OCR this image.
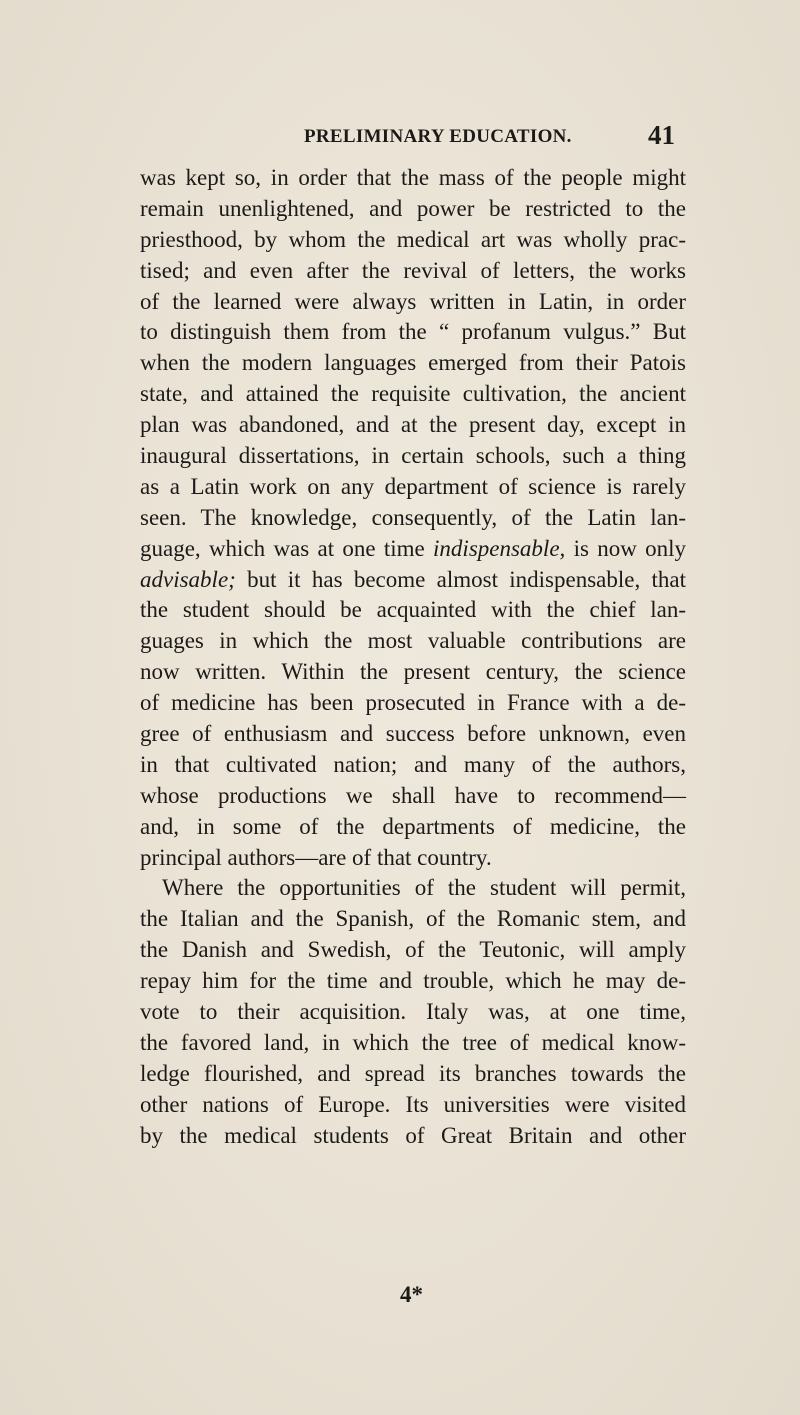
PRELIMINARY EDUCATION.	41
was kept so, in order that the mass of the people might
remain unenlightened, and power be restricted to the
priesthood, by whom the medical art was wholly prac-
tised; and even after the revival of letters, the works
of the learned were always written in Latin, in order
to distinguish them from the “ profanum vulgus.” But
when the modern languages emerged from their Patois
state, and attained the requisite cultivation, the ancient
plan was abandoned, and at the present day, except in
inaugural dissertations, in certain schools, such a thing
as a Latin work on any department of science is rarely
seen. The knowledge, consequently, of the Latin lan-
guage, which was at one time indispensable, is now only
advisable; but it has become almost indispensable, that
the student should be acquainted with the chief lan-
guages in which the most valuable contributions are
now written. Within the present century, the science
of medicine has been prosecuted in France with a de-
gree of enthusiasm and success before unknown, even
in that cultivated nation; and many of the authors,
whose productions we shall have to recommend—
and, in some of the departments of medicine, the
principal authors—are of that country.
Where the opportunities of the student will permit,
the Italian and the Spanish, of the Romanic stem, and
the Danish and Swedish, of the Teutonic, will amply
repay him for the time and trouble, which he may de-
vote to their acquisition. Italy was, at one time,
the favored land, in which the tree of medical know-
ledge flourished, and spread its branches towards the
other nations of Europe. Its universities were visited
by the medical students of Great Britain and other
4*
